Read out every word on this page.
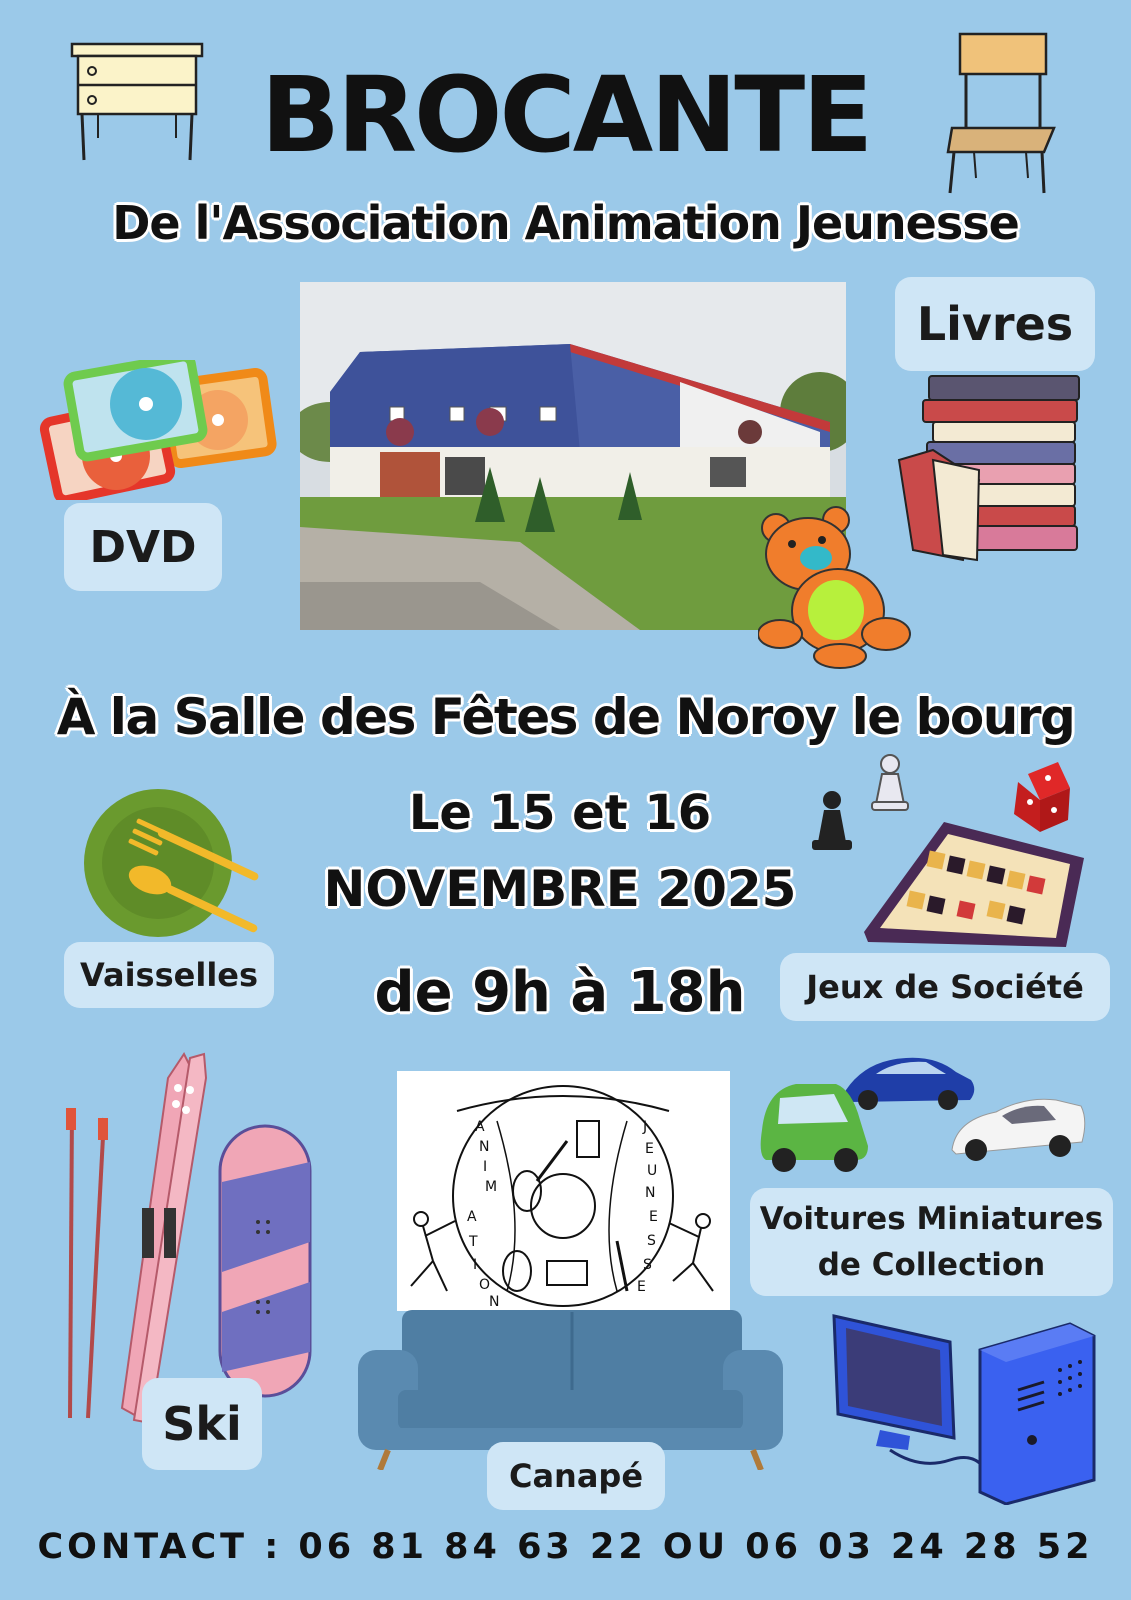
BROCANTE
De l'Association Animation Jeunesse
DVD
Livres
À la Salle des Fêtes de Noroy le bourg
Vaisselles
Le 15 et 16
NOVEMBRE 2025
de 9h à 18h	Jeux de Société
Ski
A
N
I
M
A
T
I
O
N
J
E
U
N
E
S
S
E
Voitures Miniatures
de Collection
Canapé
CONTACT : 06 81 84 63 22 OU 06 03 24 28 52
